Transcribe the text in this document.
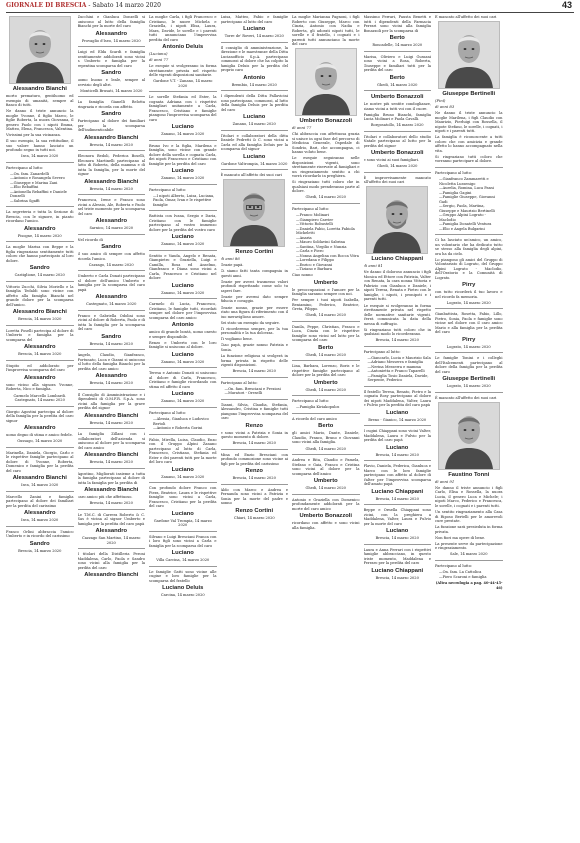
GIORNALE DI BRESCIA - Sabato 14 marzo 2020	43
Alessandro Bianchi

morto prematuro, gentiluomo ed esempio di umanità, sempre al fianco di tutti.

Ne danno il triste annuncio la moglie Yvonne, il figlio Marco, le figlie Roberta, la nuora Giovanna, il genero Paolo con i nipoti Emma, Matteo, Elena, Francesca, Valentina.

Vivissimi per la sua vicinanza.

Il suo esempio, la sua rettitudine, il suo valore hanno lasciato un profondo segno in tutti noi.

Isea, 14 marzo 2020

Partecipano al lutto:

— On. fam. Zanardelli
— Antonio e Rosangela Severo
— Giuseppe e Marina Zani
— Elio Rebaffini
— Antonella Rebaffini e Daniele Donzelli
— Sabrina Sgaffi

La segreteria e tutta la Sezione di Brescia, con le signore, in pianto ricordano l'amico.

Alessandro

Pisogne, 14 marzo 2020

La moglie Marisa con Beppe e la figlia ringraziano sentitamente tutti coloro che hanno partecipato al loro dolore.

Sandro

Castiglione, 14 marzo 2020

Vittorio Zucchi, Silvia Moriello e la famiglia Tedaldi sono vicine con affetto alla famiglia Bianchi nel grande dolore per la scomparsa dell'amico.

Alessandro Bianchi

Brescia, 14 marzo 2020

Loretta Foselli partecipa al dolore di Umberto e famiglia per la scomparsa del

Alessandro

Brescia, 14 marzo 2020

Stupito ed addolorato per l'improvvisa scomparsa del caro

Alessandro

sono vicino alla signora Yvonne, Roberta, Nico e famiglia.

Carmelo Marcello Lombardi. Castegnato, 14 marzo 2020

Giorgio Agostini partecipa al dolore della famiglia per la perdita del caro signor

Alessandro

uomo degno di stima e amico fedele.

Gussago, 14 marzo 2020

Marinella, Daniela, Giorgio, Carlo e le rispettive famiglie partecipano al dolore di Yvonne, Roberta, Domenico e famiglia per la perdita del caro

Alessandro Bianchi

Isea, 14 marzo 2020

Marcello Zanini e famiglia partecipano al dolore dei familiari per la perdita del carissimo

Alessandro

Isea, 14 marzo 2020

Franco Orlini abbraccia l'amico Umberto e in ricordo del carissimo

Sandro

Brescia, 14 marzo 2020

Zucchini e Gianluca Donzelli si uniscono al lutto della famiglia Bianchi per la morte del caro

Alessandro

Provaglio d'Iseo, 14 marzo 2020

Luigi ed Elda Scardi e famiglia sentitamente addolorati sono vicini a Umberto e famiglia per la repentina scomparsa del caro

Sandro

uomo buono e leale, sempre al servizio degli altri.

Monticelli Brusati, 14 marzo 2020

La famiglia Gianelli Belotta ringrazia e ricorda con affetto.

Sandro

Partecipano al dolore dei familiari per la scomparsa dell'indimenticabile

Alessandro Bianchi

Brescia, 14 marzo 2020

Eleonora Bedoli, Federica Boselli, Eleonora Martinelli partecipano al lutto di Roberta, della mamma e di tutta la famiglia, per la morte del signor

Alessandro Bianchi

Brescia, 14 marzo 2020

Francesca, Irene e Franco sono vicini a Alessio, Ale, Roberta e Paolo nel triste momento per la scomparsa del caro

Alessandro

Sarnico, 14 marzo 2020

Nel ricordo di

Sandro

il suo amico di sempre con affetto ricorda l'amico.

Cazzago, 14 marzo 2020

Umberto e Carla Donati partecipano al dolore dell'amico Umberto e famiglia per la scomparsa del caro papà

Alessandro

Castegnato, 14 marzo 2020

Franco e Gabriella Odolini sono vicini al dolore di Roberta, Paolo e di tutta la famiglia per la scomparsa del caro

Sandro

Brescia, 14 marzo 2020

Angelo, Claudio, Gianfranco, Fortunato, Luca e Gianni si uniscono al lutto della famiglia Bianchi per la perdita del caro amico

Alessandro

Brescia, 14 marzo 2020

Il Consiglio di Amministrazione e i dipendenti di O.M.F.R. S.p.A. sono vicini alla famiglia per la grave perdita del signor

Alessandro Bianchi

Brescia, 14 marzo 2020

La famiglia Zillani con i collaboratori dell'azienda si uniscono al dolore per la scomparsa del caro amico

Alessandro Bianchi

Brescia, 14 marzo 2020

Agostino, Migliorati insieme a tutta la famiglia partecipano al dolore di tutta la famiglia per la perdita di

Alessandro Bianchi

caro amico più che affettuoso.

Brescia, 14 marzo 2020

Le T.M.C. di Carrera Roberto & C. Sas è vicina al signor Umberto e famiglia per la perdita del caro papà

Alessandro

Cazzago San Martino, 14 marzo 2020

I titolari della Distilleria Peroni Maddalena, Carlo, Paola e Sandro sono vicini alla famiglia per la perdita del caro

Alessandro Bianchi

La moglie Carla, i figli Francesco e Cristiano, le nuore Michela e Graziella, i nipoti Elisa, Laura, Mara, Davide, le sorelle e i parenti tutti annunciano l'improvvisa perdita del caro

Antonio Deluis

(Lucianu)

di anni 77

Le esequie si svolgeranno in forma strettamente privata nel rispetto delle vigenti disposizioni sanitarie.

Gardone V.T. - Zanano, 14 marzo 2020

Le sorelle Stefania ed Ester, la cognata Adriana con i rispettivi famigliari unitamente a Carla, Francesco, Cristiano e famiglie piangono l'improvvisa scomparsa del caro

Luciano

Zanano, 14 marzo 2020

Bruno Ivo e la figlia, Marilena e famiglia, sono vicine con grande dolore della sorella e cognata Carla, dei nipoti Francesco e Cristiano con famiglie per la perdita del caro

Luciano

Zanano, 14 marzo 2020

Partecipano al lutto:

— I nipoti Alberto, Luisa, Luciana, Paola, Omar, Ivan e le rispettive famiglie

Battista con Ivana, Sergio e Daria, Cristiano con le famiglie partecipano al vostro immenso dolore per la perdita del vostro caro

Luciano

Zanano, 14 marzo 2020

Sentito e Vanda, Angelo e Renata, Giampietro e Graziella, Luigi e Camilla, Rosa ed Anselmo, Gianfranco e Diana sono vicini a Carla, Francesco e Cristiano nel dolore

Luciano

Zanano, 14 marzo 2020

Carmelo di Lucia, Francesco, Cristiano, le famiglie tutti, ricordati sempre nel dolore per l'improvvisa scomparsa del caro amico

Antonio

amico di grande bontà, uomo onesto e sempre disponibile.

Renzo e Umberto con le loro famiglie si uniscono al dolore.

Luciano

Zanano, 14 marzo 2020

Teresa e Antonio Donati si uniscono al dolore di Carla, Francesco, Cristiano e famiglie ricordando con stima ed affetto il caro

Luciano

Zanano, 14 marzo 2020

Partecipano al lutto:

— Alessia, Gianluca e Ludovico Bertoli
— Antonio e Roberta Gorini

Fabio, Mirella, Luisa, Claudio, Enzo con il Gruppo Alpini Zanano partecipano al lutto di Carla, Francesco, Cristiano, Stefania ed Ester e dei parenti tutti per la morte del loro caro

Luciano

Zanano, 14 marzo 2020

Con profondo dolore Franco con Piera, Beatrice, Laura e le rispettive famiglie sono vicini a Carla, Francesco, Cristiano per la perdita del caro

Luciano

Gardone Val Trompia, 14 marzo 2020

Silvano e Luigi Bresciani Franca con i loro figli sono vicini a Carla e famiglia per la scomparsa del caro

Luciano

Villa Carcina, 14 marzo 2020

Le famiglie Gatti sono vicine alle cugine e loro famiglie per la scomparsa del fratello

Luciano Deluis

Carcina, 14 marzo 2020

Luisa, Matteo, Fabio e famiglie partecipano al lutto del caro

Luciano

Torre de' Roveri, 14 marzo 2020

Il consiglio di amministrazione, la direzione e le maestranze della Ditta Lucianofficio S.p.A. partecipano commossi al dolore che ha colpito la famiglia Deluis per la perdita del proprio caro

Antonio

Brembio, 14 marzo 2020

I dipendenti della Ditta Pallavicini sono partecipano, commossi, al lutto della famiglia Deluis per la perdita del caro

Luciano

Zanano, 14 marzo 2020

Titolari e collaboratori della ditta Daniele Pedretti & C. sono vicini a Carla ed alla famiglia Deluis per la scomparsa del signor

Luciano

Gardone Valtrompia, 14 marzo 2020

È mancato all'affetto dei suoi cari

Renzo Cortini

di anni 86

Grazie papà.

Ci siamo fatti tanta compagnia in questi anni.

Grazie per averci trasmesso valori profondi rispettando come solo tu sapevi fare.

Grazie per avermi dato sempre fiducia e coraggio.

Grazie nonno, grazie per essere stato una figura di riferimento con il tuo meraviglioso amore.

Sei stato un esempio da seguire.

Ti ricorderemo sempre, per la tua personalità e la tua dolcezza.

Ti vogliamo bene.

Ciao papà, grazie nonno Patrizia e Sonia.

La funzione religiosa si svolgerà in forma privata in rispetto delle vigenti disposizioni.

Brescia, 14 marzo 2020

Partecipano al lutto:

— On. fam. Bresciani e Preziosi
— Muratori - Oreselli

Gianni, Silvia, Claudia, Stefania, Alessandro, Cristina e famiglie tutti piangono l'improvvisa scomparsa del caro

Renzo

e sono vicini a Patrizia e Sonia in questo momento di dolore.

Brescia, 14 marzo 2020

Mina ed Enzio Bresciani con profondo commozione sono vicine ai figli per la perdita del carissimo

Renzo

Brescia, 14 marzo 2020

Aldo con Marco e Andrea e Fernanda sono vicini a Patrizia e Sonia per la morte del padre e nonno

Renzo Cortini

Chiari, 14 marzo 2020

La moglie Marianna Pagnoni, i figli Roberto con Giuseppe, Marco con Cinzia, Antonio con Nadia e Roberta, gli adorati nipoti tutti, le sorelle e il fratello, i cognati e i parenti tutti annunciano la morte del caro

Umberto Bonazzoli

di anni 77

Chi abbraccia con affettuosa grazia si unisce in ogni fase del percorso di Medicina Generale, Ospedale di Sondrio, Bari, che accompagna, ci hanno voluto bene.

Le esequie seguiranno nelle disposizioni vigenti, sono strettamente riservate al famigliari e un ringraziamento sentito a chi vorrà ricordarlo in preghiera.

Si ringraziano tutti coloro che in qualsiasi modo prenderanno parte al dolore.

Ghedi, 14 marzo 2020

Partecipano al lutto:

— Franco Molinari
— Giampiero Carrier
— Vittorio Robustelli
— Daniela Fabio, Loretta Fabiola Micheletti
— Anaria
— Mauro Soldavini Sabrina
— Santina, Virgilio e Nunzia
— Carla e Piero
— Nonna Angelina con Rocca Vitra
— Loredana e Filippo
— Enrico e Giovanni
— Tiziano e Barbara

Ciao nonno

Umberto

le preoccupazioni e l'amore per la famiglia saranno sempre con noi.

Per sempre i tuoi nipoti Isabella, Beniamino, Federico, Beatrice, Greta, Filippo.

Ghedi, 14 marzo 2020

Danila, Peppe, Christian, Franco e Luca, Cinzia con le rispettive famiglie sono vicini nel lutto per la scomparsa del caro

Berto

Ghedi, 14 marzo 2020

Lina, Barbara, Lorenzo, Boris e le rispettive famiglie partecipano al dolore per la perdita del caro

Umberto

Ghedi, 14 marzo 2020

Partecipano al lutto:

— Famiglia Kiriakopulos

A ricordo del caro amico

Berto

gli amici Mario, Dante, Daniele, Claudio, Franco, Bruno e Giovanni sono vicini alla famiglia.

Ghedi, 14 marzo 2020

Andrea e Rita, Claudio e Pamela, Stefano e Gaia, Franco e Cristina sono vicini al dolore per la scomparsa dell'amico

Umberto

Ghedi, 14 marzo 2020

Antonio e Graziella con Domenico profondamente addolorati per la morte del caro amico

Umberto Bonazzoli

ricordano con affetto e sono vicini alla famiglia.

Massimo Ferrari, Fausta Benetti e tutti i dipendenti della Farmacia Ferrari sono vicini alla famiglia Bonazzoli per la scomparsa di

Berto

Roncadelle, 14 marzo 2020

Marisa, Oliviero e Luigi Gussani sono vicini a Rosa, Roberta, Giuseppe e familiari tutti per la perdita del caro

Berto

Ghedi, 14 marzo 2020

Umberto Bonazzoli

Le nostre più sentite condoglianze, siamo vicini a tutti voi con il cuore.

Famiglia Bruno Bianchi, famiglia Lucia Molinari e Paola Cavalli.

Borgosatollo, 14 marzo 2020

Titolari e collaboratori dello studio Natale partecipano al lutto per la perdita del signor

Umberto Bonazzoli

e sono vicini ai suoi famigliari.

Ghedi, 14 marzo 2020

È improvvisamente mancato all'affetto dei suoi cari

Luciano Chiappani

di anni 81

Ne danno il doloroso annuncio i figli Monica ed Ettore con Patrizia, Valter con Renata, la cara nonna Vittoria e Fabrizio con Gianluca e Daniele, i nipoti Teresa, Renata e Pietro con le famiglie, i nipoti, i pronipoti e i parenti tutti.

Le esequie si svolgeranno in forma strettamente privata nel rispetto delle normative sanitarie vigenti. Verrà comunicata la data della messa di suffragio.

Si ringraziano tutti coloro che in qualsiasi modo lo ricorderanno.

Brescia, 14 marzo 2020

Partecipano al lutto:

— Giancarlo, Lucia e Maurizio Sala
— Adriano Messerra e famiglia
— Nerina Messerra e mamma
— Antonietta e Franco Taparelli
— Famiglia Tosio Daniela, Davide, Serpente, Federico

Il fratello Teresa, Renato, Pietro e la cognata Rosy partecipano al dolore dei nipoti Maddalena, Valter, Laura e Fulvio per la perdita del caro papà

Luciano

Breno - Gianico, 14 marzo 2020

I cugini Chiappani sono vicini Valter, Maddalena, Laura e Fulvio per la perdita del caro papà

Luciano

Brescia, 14 marzo 2020

Flavio, Daniela, Federica, Gianluca e Marco con le loro famiglie partecipano con affetto al dolore di Valter per l'improvvisa scomparsa dell'amato papà

Luciano Chiappani

Brescia, 14 marzo 2020

Beppe e Ornella Chiappani sono vicini, con la preghiera a Maddalena, Valter, Laura e Fulvio per la morte del caro

Luciano

Brescia, 14 marzo 2020

Laura e Anna Ferrari con i rispettivi famiglie abbracciano, in questo triste momento, Maddalena e Ferraro per la perdita del caro

Luciano Chiappani

Brescia, 14 marzo 2020

È mancato all'affetto dei suoi cari

Giuseppe Bertinelli

(Pinì)

di anni 83

Ne danno il triste annuncio la moglie Marilena, i figli Claudio con Maurizio, Pierluigi con Rossella, il nipote Stefano, le sorelle, i cognati, i nipoti e i parenti tutti.

La famiglia è riconoscente a tutti coloro che con amicizia e grande affetto lo hanno accompagnato nella vita.

Si ringraziano tutti coloro che vorranno partecipare al dolore.

Partecipano al lutto:

— Gianfranco Zammaretti e Nicoletta Lussenigo
— Aurelia, Romina, Luca Pansi
— Famiglia Gagini
— Famiglie Giuseppe, Giovanni Gadi
— Sergio, Paola, Martina, Giuseppe e Maurizio Bertinelli
— Gruppo Alpini Lograto - Maclodio
— Famiglia Donatelli Ventura
— Elio e Angela Bulgarini

Ci ha lasciato un'amico, un amico, un volontario che ha dedicato tutto se stesso alla famiglia degli alpini, ora ha da cielo.

Lo piangono gli amici del Gruppo di Volontariato di Lograto, del Gruppo Alpini Lograto - Maclodio, dell'Oratorio e la Comunità di Lograto.

Pirry

con tutto ricorderà il tuo lavoro e nel ricordo fa memoria.

Lograto, 14 marzo 2020

Gianbattista, Rosetta, Fabio, Lillo, Pietro, Sonia, Paola e famiglie sono vicine nel dolore con il caro amico Mario e alla famiglia per la perdita del caro

Pirry

Lograto, 14 marzo 2020

Le famiglie Tonini e i colleghi dell'Italcementi partecipano al dolore della famiglia per la perdita del caro

Giuseppe Bertinelli

Lograto, 14 marzo 2020

È mancato all'affetto dei suoi cari

Faustino Tonni

di anni 91

Ne danno il triste annuncio i figli Carlo, Elisa e Rossella, la nuora Lucia, il genero Luca e Michele; i nipoti Marco, Federico e Francesca, le sorelle, i cognati e i parenti tutti.

Un sentito ringraziamento alla Casa di Riposo Bertelli per le amorevoli cure prestate.

La funzione sarà presieduta in forma privata.

Non fiori ma opere di bene.

La presente serve da partecipazione e ringraziamento.

Sale, 14 marzo 2020

Partecipano al lutto:

— On. fam. La Cattolica
— Piero Scaroni e famiglia
(Altra necrologia a pag. 40-44-45-46)
